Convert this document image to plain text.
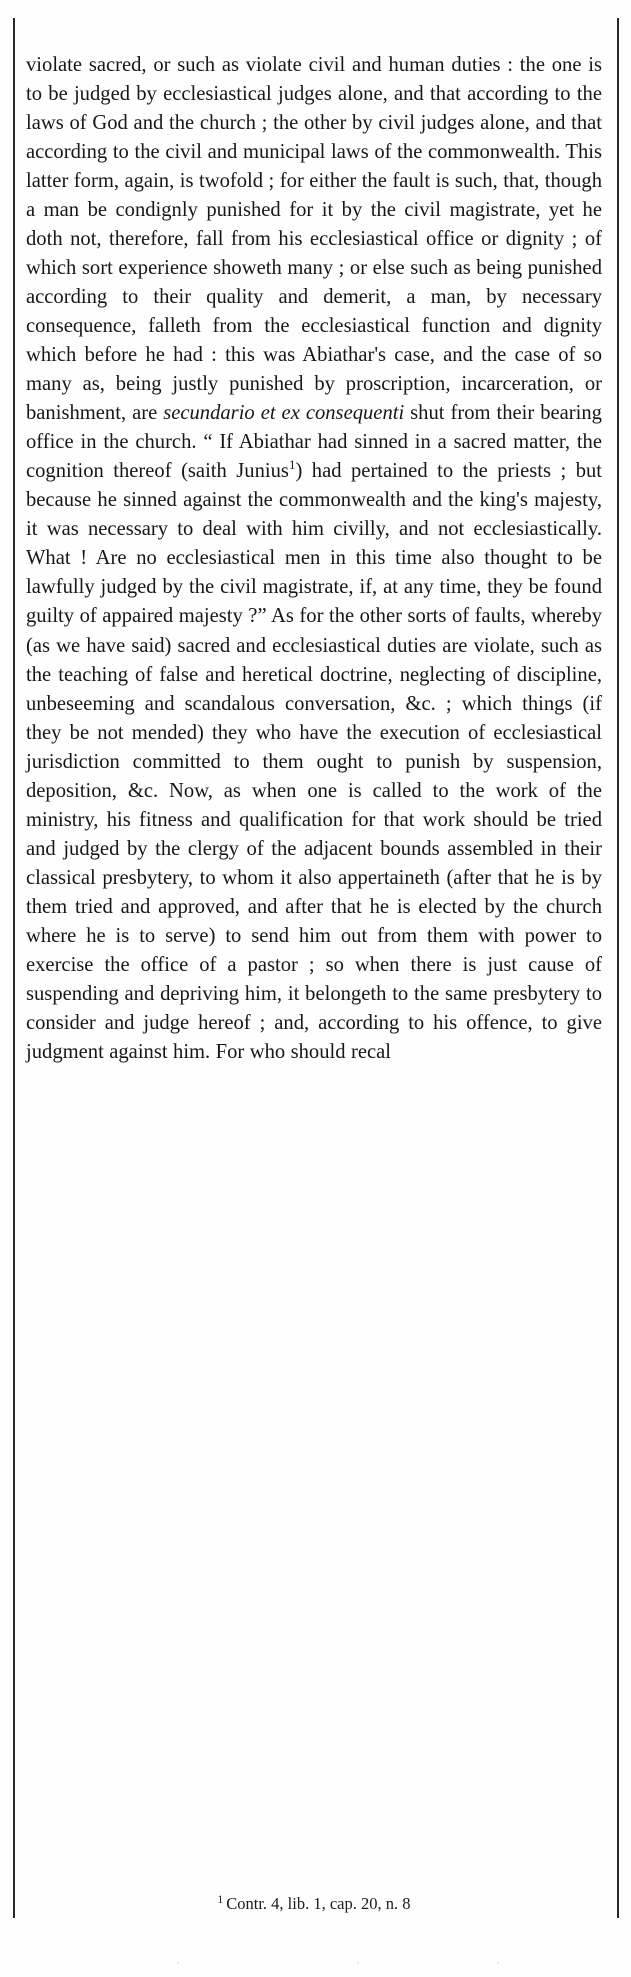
violate sacred, or such as violate civil and human duties : the one is to be judged by ecclesiastical judges alone, and that according to the laws of God and the church ; the other by civil judges alone, and that according to the civil and municipal laws of the commonwealth. This latter form, again, is twofold ; for either the fault is such, that, though a man be condignly punished for it by the civil magistrate, yet he doth not, therefore, fall from his ecclesiastical office or dignity ; of which sort experience showeth many ; or else such as being punished according to their quality and demerit, a man, by necessary consequence, falleth from the ecclesiastical function and dignity which before he had : this was Abiathar's case, and the case of so many as, being justly punished by proscription, incarceration, or banishment, are secundario et ex consequenti shut from their bearing office in the church. “ If Abiathar had sinned in a sacred matter, the cognition thereof (saith Junius$^1$) had pertained to the priests ; but because he sinned against the commonwealth and the king's majesty, it was necessary to deal with him civilly, and not ecclesiastically. What ! Are no ecclesiastical men in this time also thought to be lawfully judged by the civil magistrate, if, at any time, they be found guilty of appaired majesty ?” As for the other sorts of faults, whereby (as we have said) sacred and ecclesiastical duties are violate, such as the teaching of false and heretical doctrine, neglecting of discipline, unbeseeming and scandalous conversation, &c. ; which things (if they be not mended) they who have the execution of ecclesiastical jurisdiction committed to them ought to punish by suspension, deposition, &c. Now, as when one is called to the work of the ministry, his fitness and qualification for that work should be tried and judged by the clergy of the adjacent bounds assembled in their classical presbytery, to whom it also appertaineth (after that he is by them tried and approved, and after that he is elected by the church where he is to serve) to send him out from them with power to exercise the office of a pastor ; so when there is just cause of suspending and depriving him, it belongeth to the same presbytery to consider and judge hereof ; and, according to his offence, to give judgment against him. For who should recal

$^1$ Contr. 4, lib. 1, cap. 20, n. 8
·	·	·
